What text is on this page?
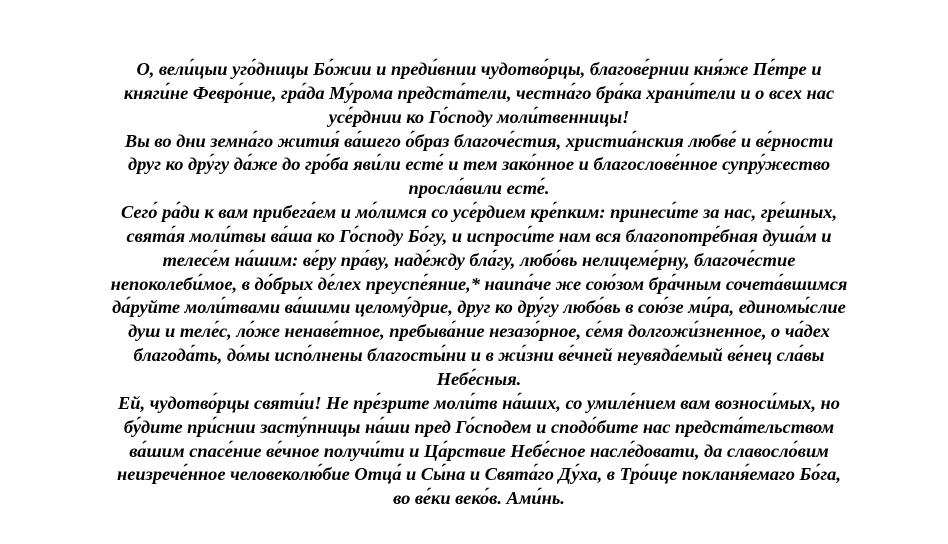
О, вели́цыи уго́дницы Бо́жии и преди́внии чудотво́рцы, благове́рнии кня́же Пе́тре и
княги́не Февро́ние, гра́да Му́рома предста́тели, честна́го бра́ка храни́тели и о всех нас
усе́рднии ко Го́споду моли́твенницы!
Вы во дни земна́го жития́ ва́шего о́браз благоче́стия, христиа́нския любве́ и ве́рности
друг ко дру́гу да́же до гро́ба яви́ли есте́ и тем зако́нное и благослове́нное супру́жество
просла́вили есте́.
Сего́ ра́ди к вам прибега́ем и мо́лимся со усе́рдием кре́пким: принеси́те за нас, гре́шных,
свята́я моли́твы ва́ша ко Го́споду Бо́гу, и испроси́те нам вся благопотре́бная душа́м и
телесе́м на́шим: ве́ру пра́ву, наде́жду бла́гу, любо́вь нелицеме́рну, благоче́стие
непоколеби́мое, в до́брых де́лех преуспе́яние,* наипа́че же сою́зом бра́чным сочета́вшимся
да́руйте моли́твами ва́шими целому́дрие, друг ко дру́гу любо́вь в сою́зе ми́ра, единомы́слие
душ и теле́с, ло́же ненаве́тное, пребыва́ние незазо́рное, се́мя долгожи́зненное, о ча́дех
благода́ть, до́мы испо́лнены благосты́ни и в жи́зни ве́чней неувяда́емый ве́нец сла́вы
Небе́сныя.
Ей, чудотво́рцы святи́и! Не пре́зрите моли́тв на́ших, со умиле́нием вам возноси́мых, но
бу́дите при́снии засту́пницы на́ши пред Го́сподем и сподо́бите нас предста́тельством
ва́шим спасе́ние ве́чное получи́ти и Ца́рствие Небе́сное насле́довати, да славосло́вим
неизрече́нное человеколю́бие Отца́ и Сы́на и Свята́го Ду́ха, в Тро́ице покланя́емаго Бо́га,
во ве́ки веко́в. Ами́нь.
